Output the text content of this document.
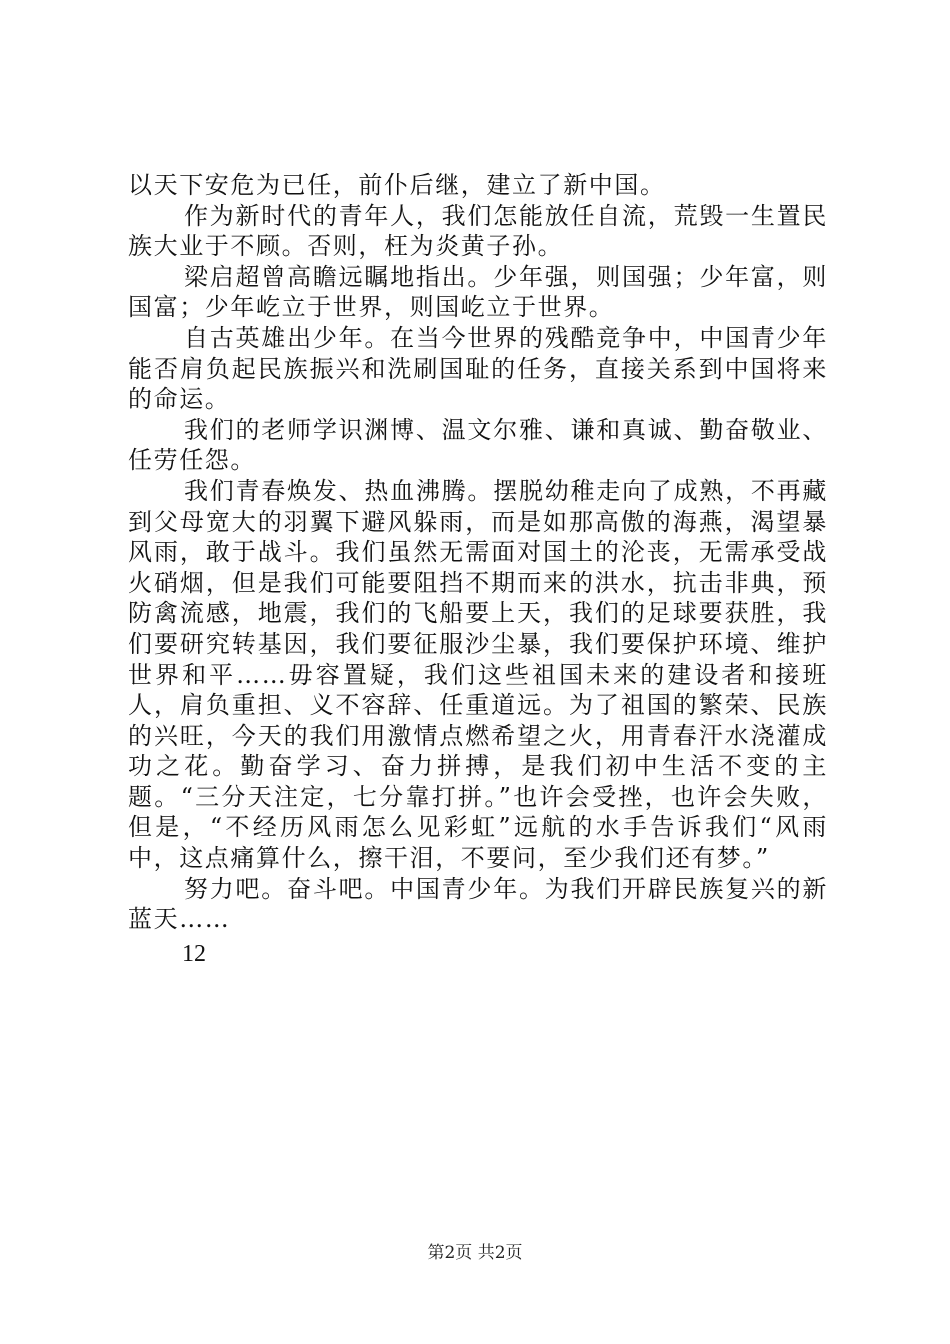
以天下安危为已任，前仆后继，建立了新中国。

作为新时代的青年人，我们怎能放任自流，荒毁一生置民族大业于不顾。否则，枉为炎黄子孙。

梁启超曾高瞻远瞩地指出。少年强，则国强；少年富，则国富；少年屹立于世界，则国屹立于世界。

自古英雄出少年。在当今世界的残酷竞争中，中国青少年能否肩负起民族振兴和洗刷国耻的任务，直接关系到中国将来的命运。

我们的老师学识渊博、温文尔雅、谦和真诚、勤奋敬业、任劳任怨。

我们青春焕发、热血沸腾。摆脱幼稚走向了成熟，不再藏到父母宽大的羽翼下避风躲雨，而是如那高傲的海燕，渴望暴风雨，敢于战斗。我们虽然无需面对国土的沦丧，无需承受战火硝烟，但是我们可能要阻挡不期而来的洪水，抗击非典，预防禽流感，地震，我们的飞船要上天，我们的足球要获胜，我们要研究转基因，我们要征服沙尘暴，我们要保护环境、维护世界和平……毋容置疑，我们这些祖国未来的建设者和接班人，肩负重担、义不容辞、任重道远。为了祖国的繁荣、民族的兴旺，今天的我们用激情点燃希望之火，用青春汗水浇灌成功之花。勤奋学习、奋力拼搏，是我们初中生活不变的主题。“三分天注定，七分靠打拼。”也许会受挫，也许会失败，但是，“不经历风雨怎么见彩虹”远航的水手告诉我们“风雨中，这点痛算什么，擦干泪，不要问，至少我们还有梦。”

努力吧。奋斗吧。中国青少年。为我们开辟民族复兴的新蓝天……

12

第2页 共2页
